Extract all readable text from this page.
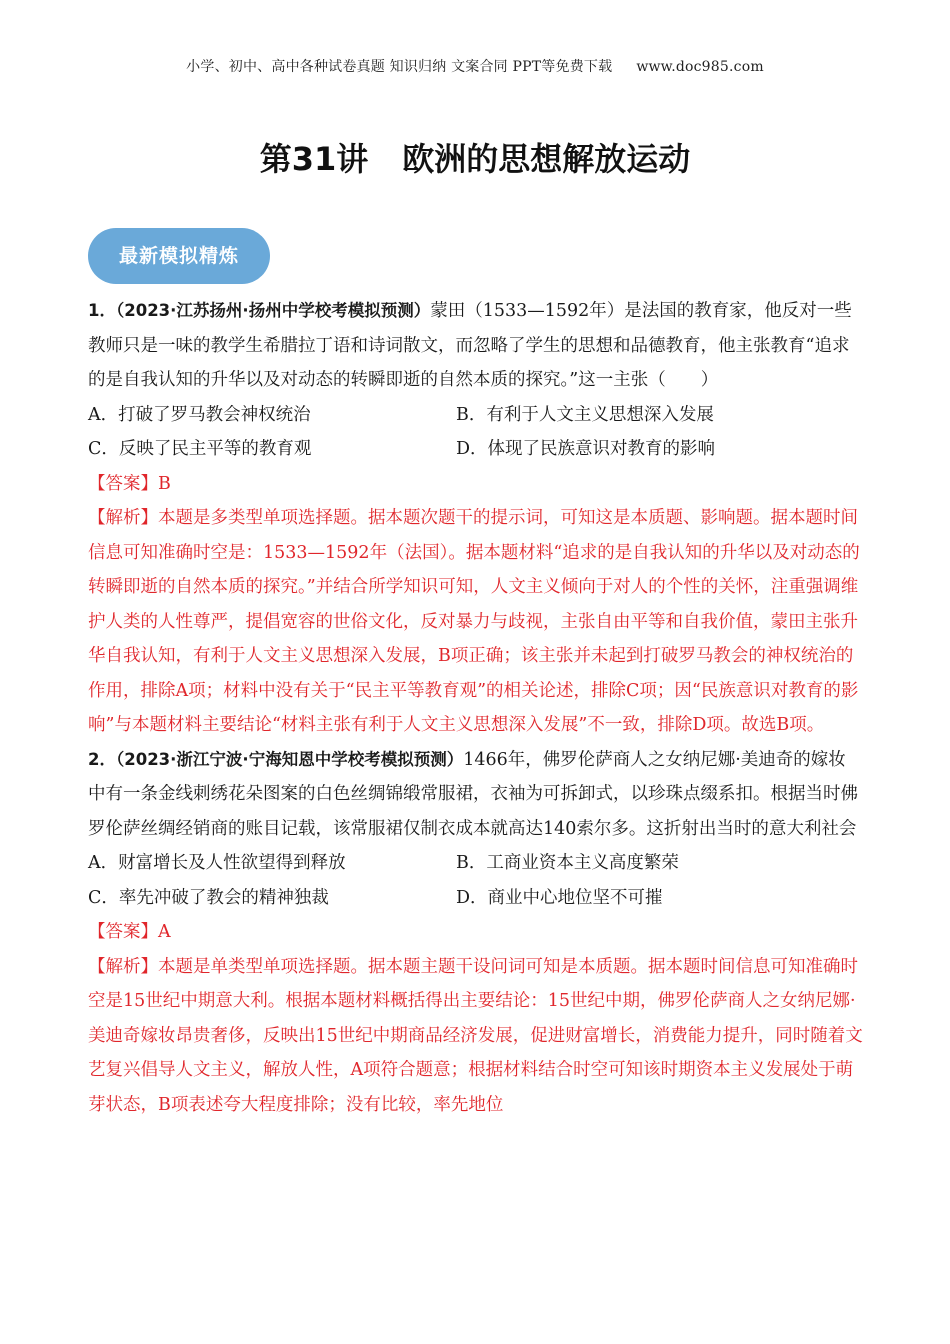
小学、初中、高中各种试卷真题 知识归纳 文案合同 PPT等免费下载 www.doc985.com
第31讲 欧洲的思想解放运动
最新模拟精炼

1．（2023·江苏扬州·扬州中学校考模拟预测）蒙田（1533—1592年）是法国的教育家，他反对一些教师只是一味的教学生希腊拉丁语和诗词散文，而忽略了学生的思想和品德教育，他主张教育“追求的是自我认知的升华以及对动态的转瞬即逝的自然本质的探究。”这一主张（　　）

A．打破了罗马教会神权统治	B．有利于人文主义思想深入发展
C．反映了民主平等的教育观	D．体现了民族意识对教育的影响

【答案】B

【解析】本题是多类型单项选择题。据本题次题干的提示词，可知这是本质题、影响题。据本题时间信息可知准确时空是：1533—1592年（法国）。据本题材料“追求的是自我认知的升华以及对动态的转瞬即逝的自然本质的探究。”并结合所学知识可知，人文主义倾向于对人的个性的关怀，注重强调维护人类的人性尊严，提倡宽容的世俗文化，反对暴力与歧视，主张自由平等和自我价值，蒙田主张升华自我认知，有利于人文主义思想深入发展，B项正确；该主张并未起到打破罗马教会的神权统治的作用，排除A项；材料中没有关于“民主平等教育观”的相关论述，排除C项；因“民族意识对教育的影响”与本题材料主要结论“材料主张有利于人文主义思想深入发展”不一致，排除D项。故选B项。

2．（2023·浙江宁波·宁海知恩中学校考模拟预测）1466年，佛罗伦萨商人之女纳尼娜·美迪奇的嫁妆中有一条金线刺绣花朵图案的白色丝绸锦缎常服裙，衣袖为可拆卸式，以珍珠点缀系扣。根据当时佛罗伦萨丝绸经销商的账目记载，该常服裙仅制衣成本就高达140索尔多。这折射出当时的意大利社会

A．财富增长及人性欲望得到释放	B．工商业资本主义高度繁荣
C．率先冲破了教会的精神独裁	D．商业中心地位坚不可摧

【答案】A

【解析】本题是单类型单项选择题。据本题主题干设问词可知是本质题。据本题时间信息可知准确时空是15世纪中期意大利。根据本题材料概括得出主要结论：15世纪中期，佛罗伦萨商人之女纳尼娜·美迪奇嫁妆昂贵奢侈，反映出15世纪中期商品经济发展，促进财富增长，消费能力提升，同时随着文艺复兴倡导人文主义，解放人性，A项符合题意；根据材料结合时空可知该时期资本主义发展处于萌芽状态，B项表述夸大程度排除；没有比较，率先地位
